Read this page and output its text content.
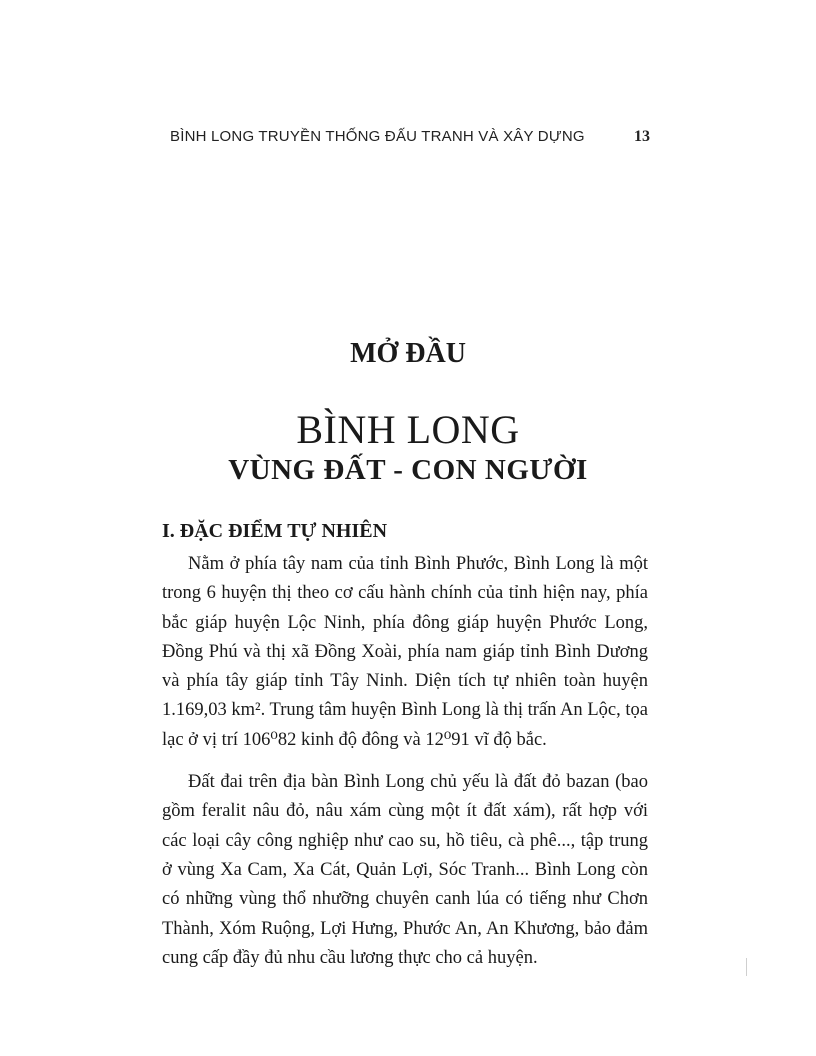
BÌNH LONG TRUYỀN THỐNG ĐẤU TRANH VÀ XÂY DỰNG	13
MỞ ĐẦU
BÌNH LONG
VÙNG ĐẤT - CON NGƯỜI
I. ĐẶC ĐIỂM TỰ NHIÊN

Nằm ở phía tây nam của tỉnh Bình Phước, Bình Long là một trong 6 huyện thị theo cơ cấu hành chính của tỉnh hiện nay, phía bắc giáp huyện Lộc Ninh, phía đông giáp huyện Phước Long, Đồng Phú và thị xã Đồng Xoài, phía nam giáp tỉnh Bình Dương và phía tây giáp tỉnh Tây Ninh. Diện tích tự nhiên toàn huyện 1.169,03 km². Trung tâm huyện Bình Long là thị trấn An Lộc, tọa lạc ở vị trí 106⁰82 kinh độ đông và 12⁰91 vĩ độ bắc.

Đất đai trên địa bàn Bình Long chủ yếu là đất đỏ bazan (bao gồm feralit nâu đỏ, nâu xám cùng một ít đất xám), rất hợp với các loại cây công nghiệp như cao su, hồ tiêu, cà phê..., tập trung ở vùng Xa Cam, Xa Cát, Quản Lợi, Sóc Tranh... Bình Long còn có những vùng thổ nhưỡng chuyên canh lúa có tiếng như Chơn Thành, Xóm Ruộng, Lợi Hưng, Phước An, An Khương, bảo đảm cung cấp đầy đủ nhu cầu lương thực cho cả huyện.
